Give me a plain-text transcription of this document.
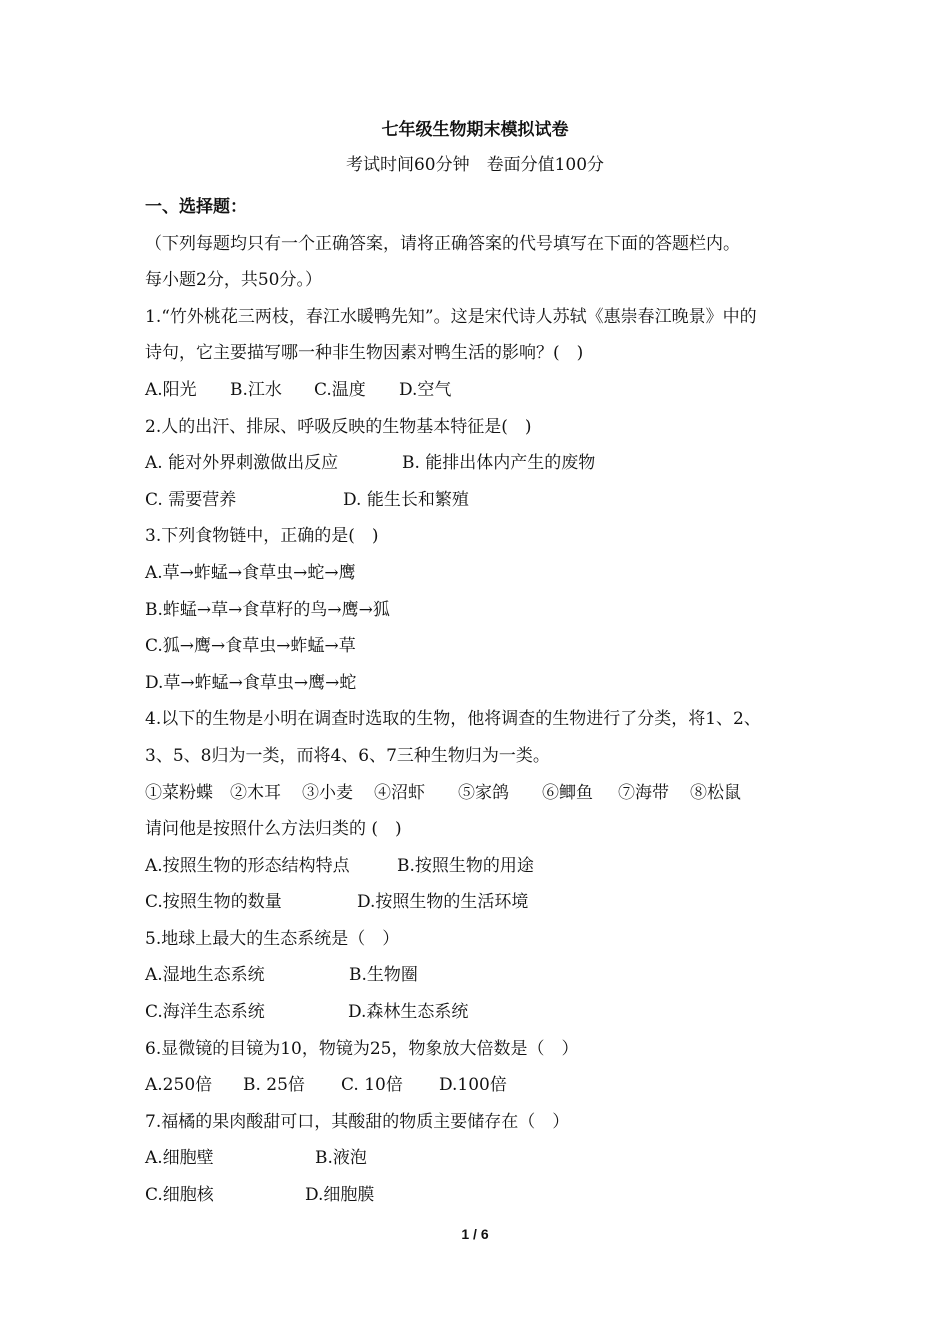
七年级生物期末模拟试卷
考试时间60分钟　卷面分值100分
一、选择题：
（下列每题均只有一个正确答案，请将正确答案的代号填写在下面的答题栏内。
每小题2分，共50分。）
1.“竹外桃花三两枝，春江水暖鸭先知”。这是宋代诗人苏轼《惠崇春江晚景》中的
诗句，它主要描写哪一种非生物因素对鸭生活的影响？(　)
A.阳光	B.江水	C.温度	D.空气
2.人的出汗、排尿、呼吸反映的生物基本特征是(　)
A. 能对外界刺激做出反应	B. 能排出体内产生的废物
C. 需要营养	D. 能生长和繁殖
3.下列食物链中，正确的是(　)
A.草→蚱蜢→食草虫→蛇→鹰
B.蚱蜢→草→食草籽的鸟→鹰→狐
C.狐→鹰→食草虫→蚱蜢→草
D.草→蚱蜢→食草虫→鹰→蛇
4.以下的生物是小明在调查时选取的生物，他将调查的生物进行了分类，将1、2、
3、5、8归为一类，而将4、6、7三种生物归为一类。
①菜粉蝶	②木耳	③小麦	④沼虾	⑤家鸽	⑥鲫鱼	⑦海带	⑧松鼠
请问他是按照什么方法归类的 (　)
A.按照生物的形态结构特点	B.按照生物的用途
C.按照生物的数量	D.按照生物的生活环境
5.地球上最大的生态系统是（　）
A.湿地生态系统	B.生物圈
C.海洋生态系统	D.森林生态系统
6.显微镜的目镜为10，物镜为25，物象放大倍数是（　）
A.250倍	B. 25倍	C. 10倍	D.100倍
7.福橘的果肉酸甜可口，其酸甜的物质主要储存在（　）
A.细胞壁	B.液泡
C.细胞核	D.细胞膜
1 / 6
